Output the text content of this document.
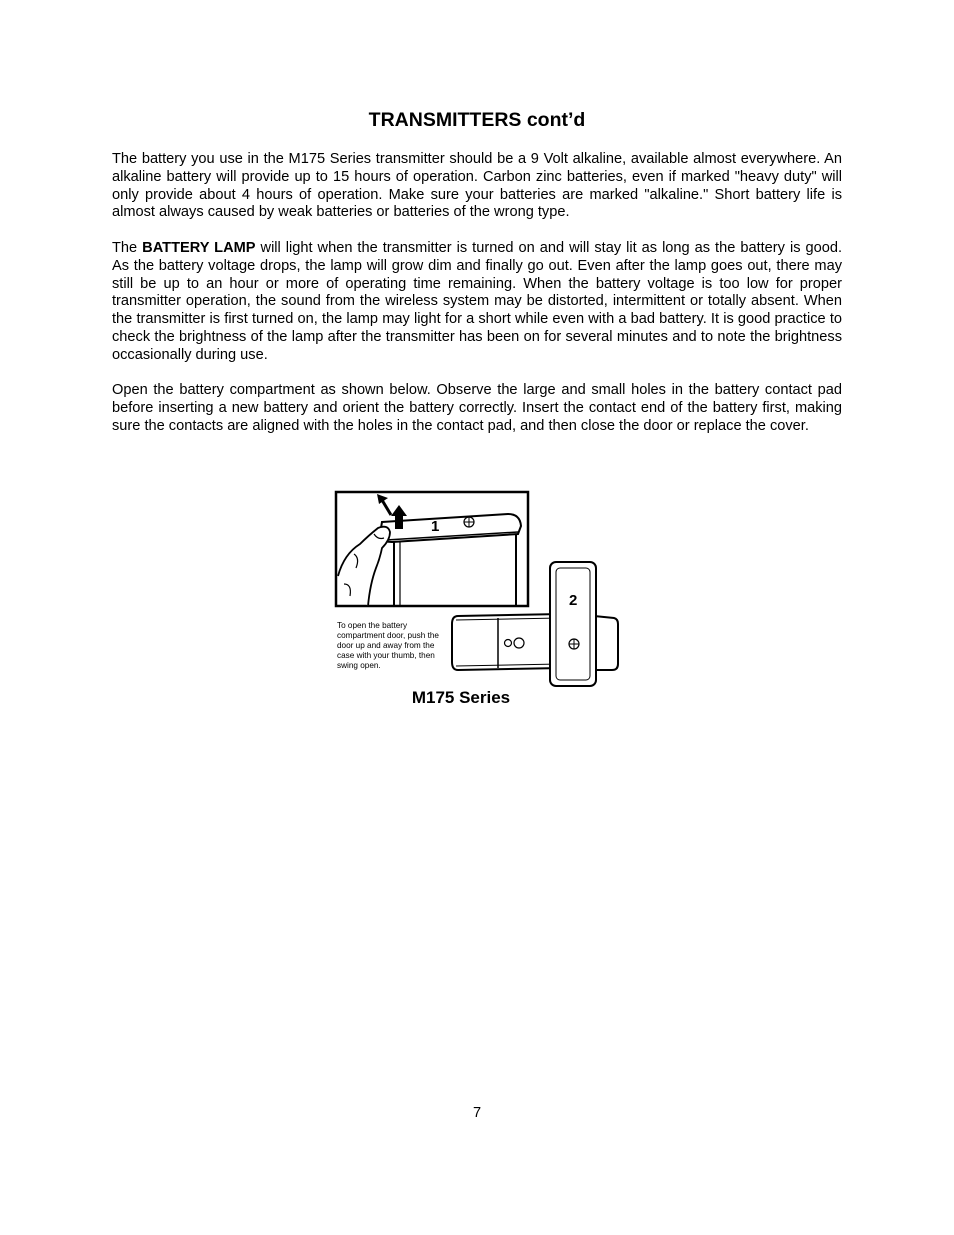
TRANSMITTERS cont’d

The battery you use in the M175 Series transmitter should be a 9 Volt alkaline, available almost everywhere. An alkaline battery will provide up to 15 hours of operation. Carbon zinc batteries, even if marked "heavy duty" will only provide about 4 hours of operation. Make sure your batteries are marked "alkaline." Short battery life is almost always caused by weak batteries or batteries of the wrong type.

The BATTERY LAMP will light when the transmitter is turned on and will stay lit as long as the battery is good. As the battery voltage drops, the lamp will grow dim and finally go out. Even after the lamp goes out, there may still be up to an hour or more of operating time remaining. When the battery voltage is too low for proper transmitter operation, the sound from the wireless system may be distorted, intermittent or totally absent. When the transmitter is first turned on, the lamp may light for a short while even with a bad battery. It is good practice to check the brightness of the lamp after the transmitter has been on for several minutes and to note the brightness occasionally during use.

Open the battery compartment as shown below. Observe the large and small holes in the battery contact pad before inserting a new battery and orient the battery correctly. Insert the contact end of the battery first, making sure the contacts are aligned with the holes in the contact pad, and then close the door or replace the cover.

1
2

To open the battery compartment door, push the door up and away from the case with your thumb, then swing open.

M175 Series

7
